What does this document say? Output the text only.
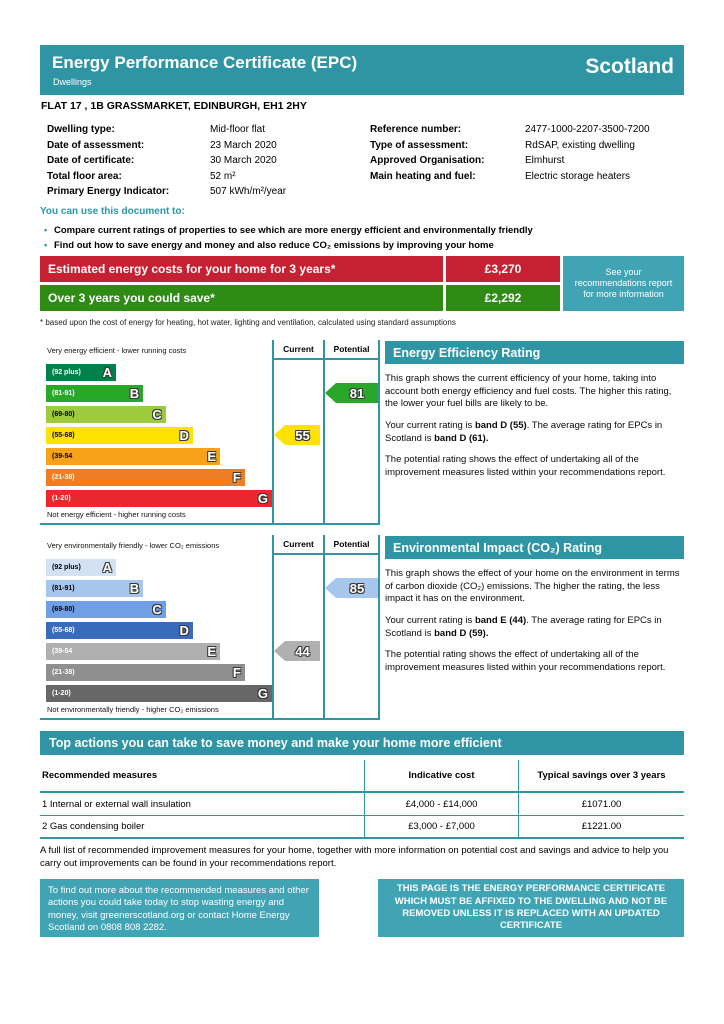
Energy Performance Certificate (EPC)
Dwellings
Scotland
FLAT 17 , 1B GRASSMARKET, EDINBURGH, EH1 2HY
Dwelling type:	Mid-floor flat
Date of assessment:	23 March 2020
Date of certificate:	30 March 2020
Total floor area:	52 m²
Primary Energy Indicator:	507 kWh/m²/year
Reference number:	2477-1000-2207-3500-7200
Type of assessment:	RdSAP, existing dwelling
Approved Organisation:	Elmhurst
Main heating and fuel:	Electric storage heaters
You can use this document to:
• Compare current ratings of properties to see which are more energy efficient and environmentally friendly
• Find out how to save energy and money and also reduce CO₂ emissions by improving your home
Estimated energy costs for your home for 3 years*	£3,270
Over 3 years you could save*	£2,292
See your recommendations report for more information
* based upon the cost of energy for heating, hot water, lighting and ventilation, calculated using standard assumptions
Current	Potential
Very energy efficient - lower running costs
(92 plus) A
(81-91)	B
(69-80)	C
(55-68)	D
(39-54	E
(21-38)	F
(1-20)	G
Not energy efficient - higher running costs
55
81
Energy Efficiency Rating

This graph shows the current efficiency of your home, taking into account both energy efficiency and fuel costs. The higher this rating, the lower your fuel bills are likely to be.

Your current rating is band D (55). The average rating for EPCs in Scotland is band D (61).

The potential rating shows the effect of undertaking all of the improvement measures listed within your recommendations report.

Current	Potential
Very environmentally friendly - lower CO₂ emissions
(92 plus) A
(81-91)	B
(69-80)	C
(55-68)	D
(39-54	E
(21-38)	F
(1-20)	G
Not environmentally friendly - higher CO₂ emissions
44
85
Environmental Impact (CO₂) Rating

This graph shows the effect of your home on the environment in terms of carbon dioxide (CO₂) emissions. The higher the rating, the less impact it has on the environment.

Your current rating is band E (44). The average rating for EPCs in Scotland is band D (59).

The potential rating shows the effect of undertaking all of the improvement measures listed within your recommendations report.

Top actions you can take to save money and make your home more efficient
Recommended measures	Indicative cost	Typical savings over 3 years
1 Internal or external wall insulation	£4,000 - £14,000	£1071.00
2 Gas condensing boiler	£3,000 - £7,000	£1221.00
A full list of recommended improvement measures for your home, together with more information on potential cost and savings and advice to help you carry out improvements can be found in your recommendations report.
To find out more about the recommended measures and other actions you could take today to stop wasting energy and money, visit greenerscotland.org or contact Home Energy Scotland on 0808 808 2282.
THIS PAGE IS THE ENERGY PERFORMANCE CERTIFICATE WHICH MUST BE AFFIXED TO THE DWELLING AND NOT BE REMOVED UNLESS IT IS REPLACED WITH AN UPDATED CERTIFICATE
